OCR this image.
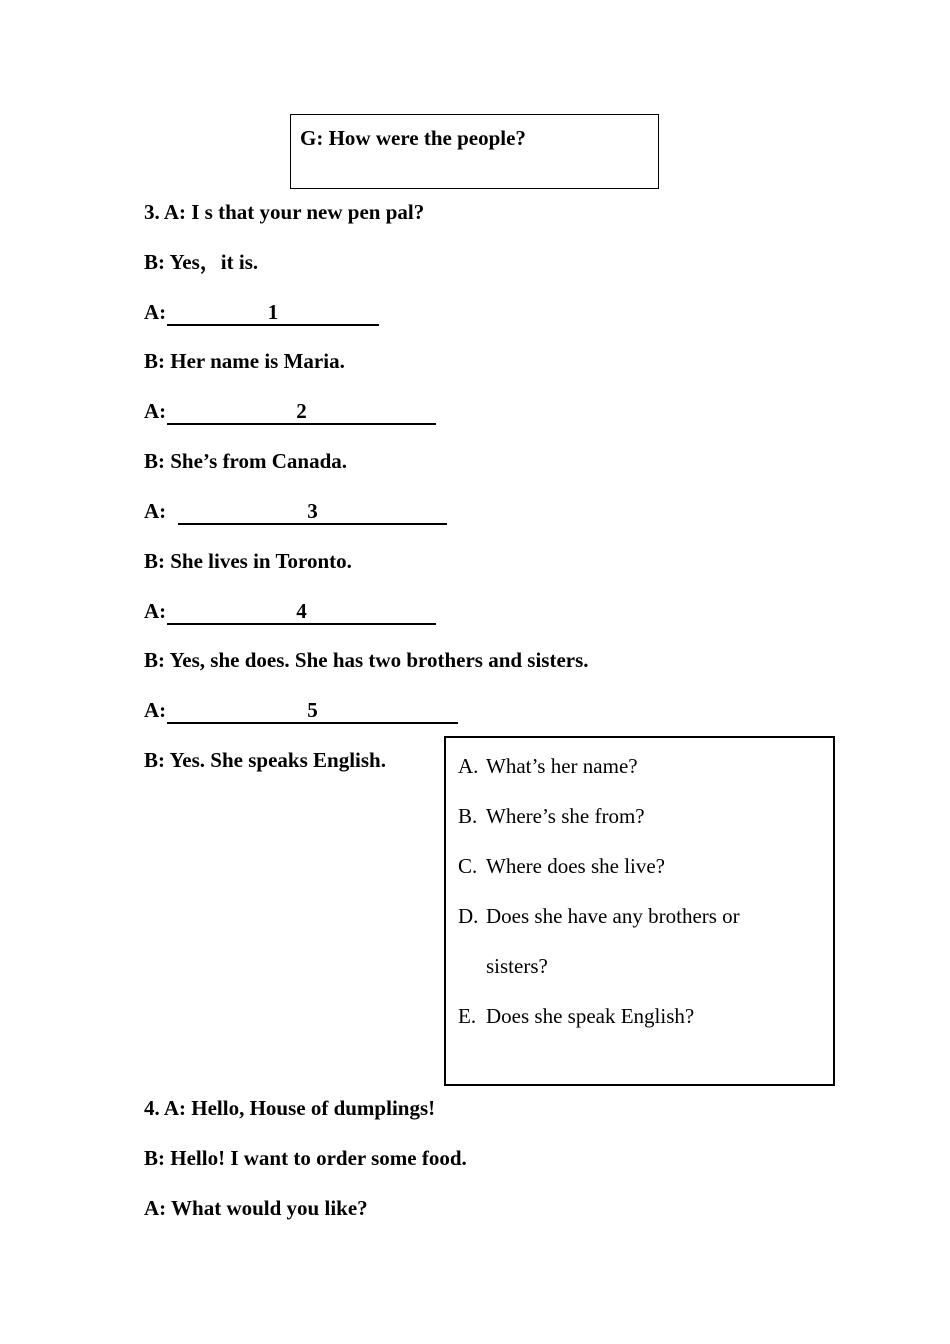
G: How were the people?
3. A: I s that your new pen pal?
B: Yes，it is.
A:	1
B: Her name is Maria.
A:	2
B: She’s from Canada.
A:	3
B: She lives in Toronto.
A:	4
B: Yes, she does. She has two brothers and sisters.
A:	5
B: Yes. She speaks English.	A. What’s her name?
B. Where’s she from?
C. Where does she live?
D. Does she have any brothers or
sisters?
E. Does she speak English?
4. A: Hello, House of dumplings!
B: Hello! I want to order some food.
A: What would you like?
